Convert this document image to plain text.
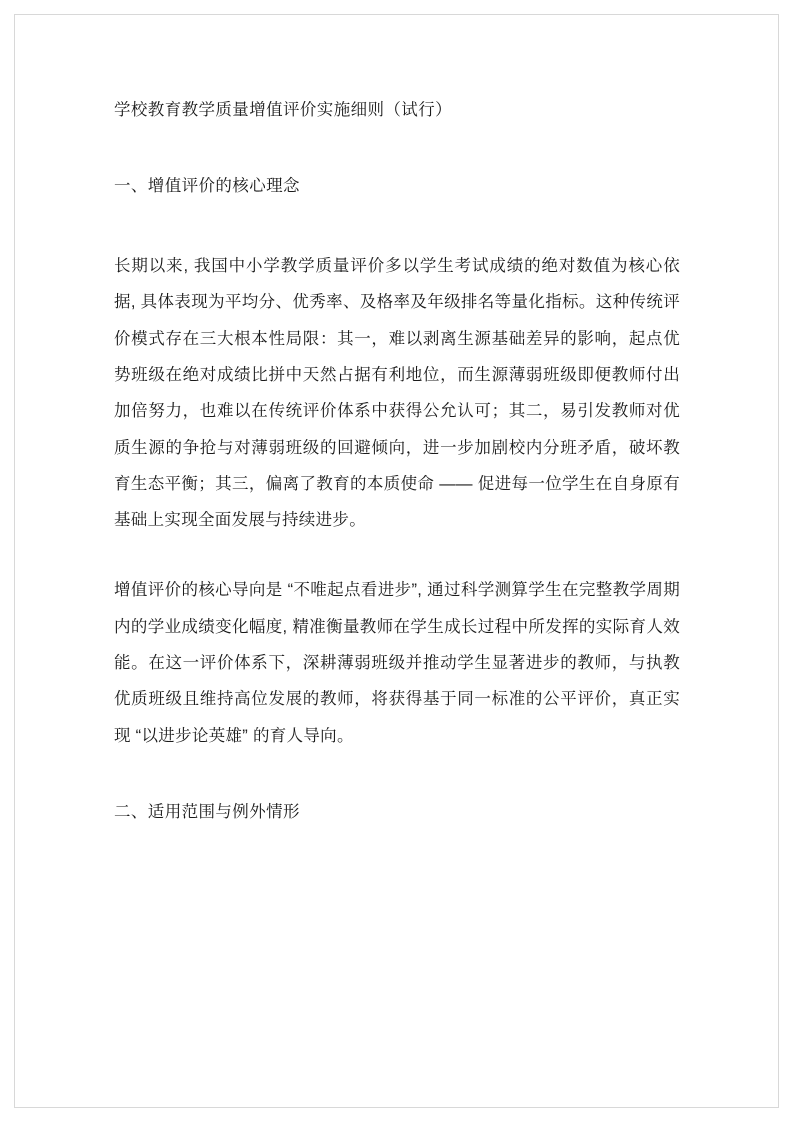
学校教育教学质量增值评价实施细则（试行）

一、增值评价的核心理念

长期以来, 我国中小学教学质量评价多以学生考试成绩的绝对数值为核心依据, 具体表现为平均分、优秀率、及格率及年级排名等量化指标。这种传统评价模式存在三大根本性局限：其一，难以剥离生源基础差异的影响，起点优势班级在绝对成绩比拼中天然占据有利地位，而生源薄弱班级即便教师付出加倍努力，也难以在传统评价体系中获得公允认可；其二，易引发教师对优质生源的争抢与对薄弱班级的回避倾向，进一步加剧校内分班矛盾，破坏教育生态平衡；其三，偏离了教育的本质使命 —— 促进每一位学生在自身原有基础上实现全面发展与持续进步。

增值评价的核心导向是 “不唯起点看进步”, 通过科学测算学生在完整教学周期内的学业成绩变化幅度, 精准衡量教师在学生成长过程中所发挥的实际育人效能。在这一评价体系下，深耕薄弱班级并推动学生显著进步的教师，与执教优质班级且维持高位发展的教师，将获得基于同一标准的公平评价，真正实现 “以进步论英雄” 的育人导向。

二、适用范围与例外情形
